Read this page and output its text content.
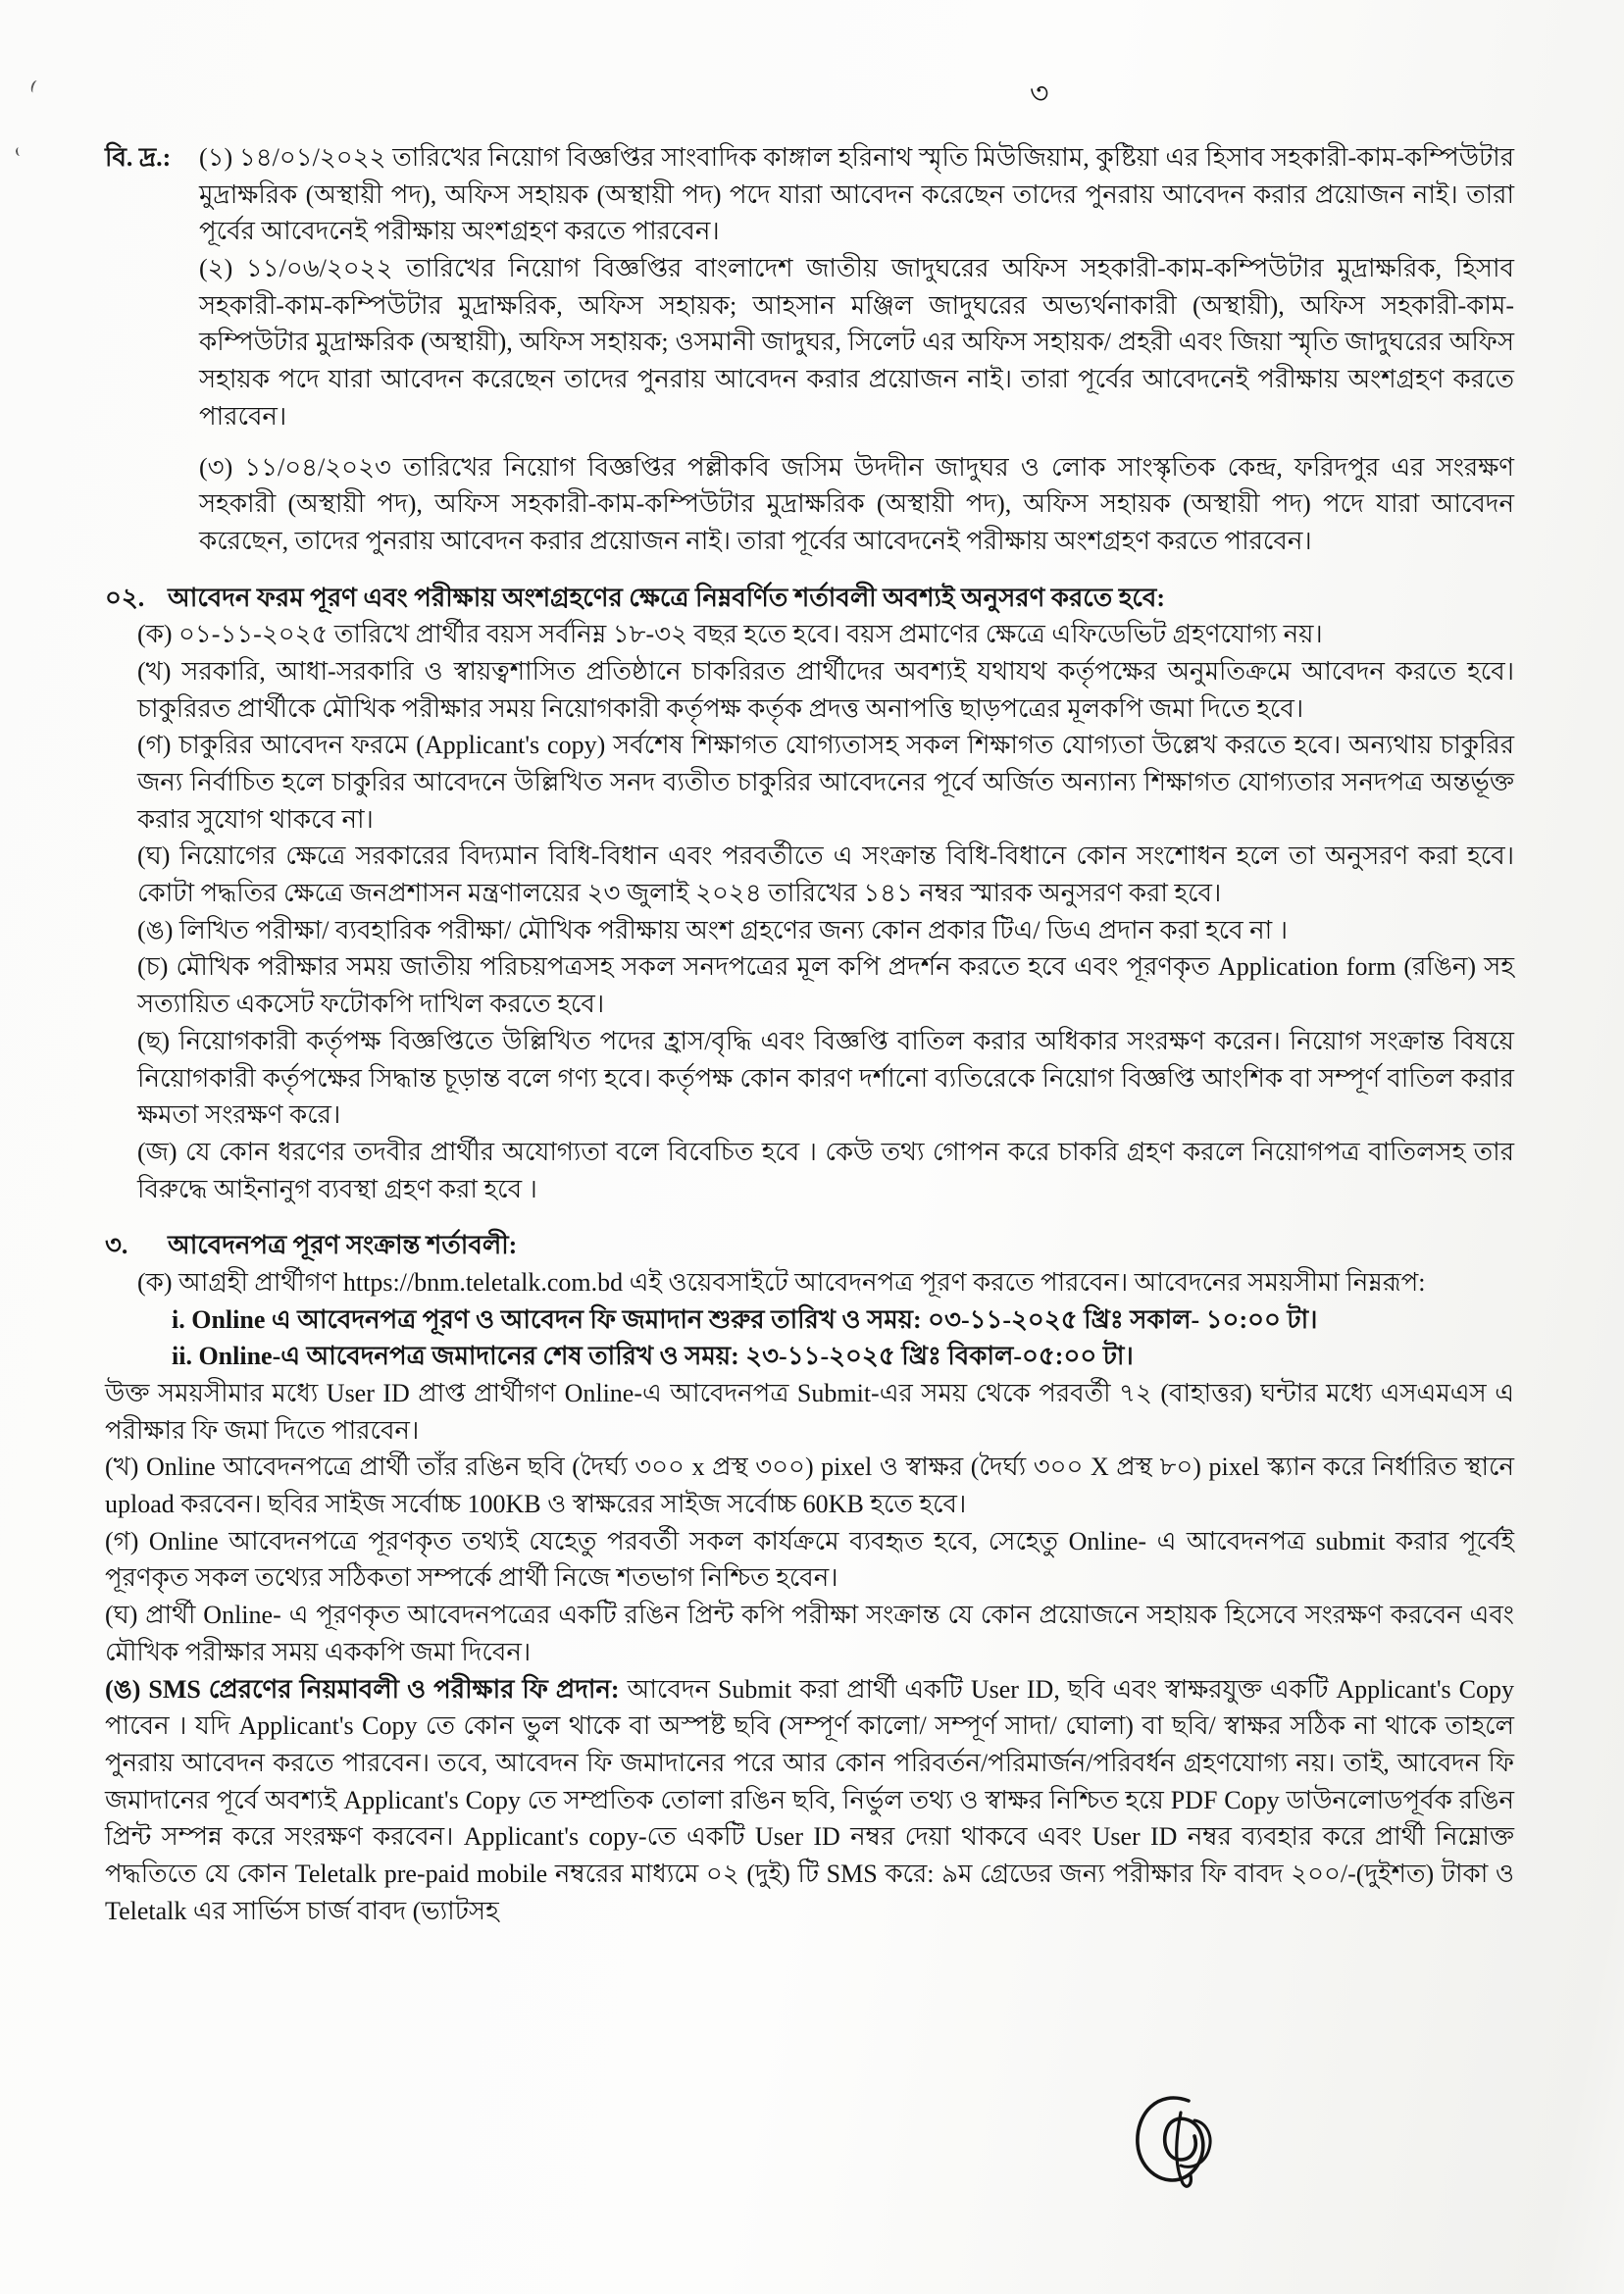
৩
বি. দ্র.:	(১) ১৪/০১/২০২২ তারিখের নিয়োগ বিজ্ঞপ্তির সাংবাদিক কাঙ্গাল হরিনাথ স্মৃতি মিউজিয়াম, কুষ্টিয়া এর হিসাব সহকারী-কাম-কম্পিউটার মুদ্রাক্ষরিক (অস্থায়ী পদ), অফিস সহায়ক (অস্থায়ী পদ) পদে যারা আবেদন করেছেন তাদের পুনরায় আবেদন করার প্রয়োজন নাই। তারা পূর্বের আবেদনেই পরীক্ষায় অংশগ্রহণ করতে পারবেন।

(২) ১১/০৬/২০২২ তারিখের নিয়োগ বিজ্ঞপ্তির বাংলাদেশ জাতীয় জাদুঘরের অফিস সহকারী-কাম-কম্পিউটার মুদ্রাক্ষরিক, হিসাব সহকারী-কাম-কম্পিউটার মুদ্রাক্ষরিক, অফিস সহায়ক; আহসান মঞ্জিল জাদুঘরের অভ্যর্থনাকারী (অস্থায়ী), অফিস সহকারী-কাম-কম্পিউটার মুদ্রাক্ষরিক (অস্থায়ী), অফিস সহায়ক; ওসমানী জাদুঘর, সিলেট এর অফিস সহায়ক/ প্রহরী এবং জিয়া স্মৃতি জাদুঘরের অফিস সহায়ক পদে যারা আবেদন করেছেন তাদের পুনরায় আবেদন করার প্রয়োজন নাই। তারা পূর্বের আবেদনেই পরীক্ষায় অংশগ্রহণ করতে পারবেন।

(৩) ১১/০৪/২০২৩ তারিখের নিয়োগ বিজ্ঞপ্তির পল্লীকবি জসিম উদদীন জাদুঘর ও লোক সাংস্কৃতিক কেন্দ্র, ফরিদপুর এর সংরক্ষণ সহকারী (অস্থায়ী পদ), অফিস সহকারী-কাম-কম্পিউটার মুদ্রাক্ষরিক (অস্থায়ী পদ), অফিস সহায়ক (অস্থায়ী পদ) পদে যারা আবেদন করেছেন, তাদের পুনরায় আবেদন করার প্রয়োজন নাই। তারা পূর্বের আবেদনেই পরীক্ষায় অংশগ্রহণ করতে পারবেন।

০২. আবেদন ফরম পূরণ এবং পরীক্ষায় অংশগ্রহণের ক্ষেত্রে নিম্নবর্ণিত শর্তাবলী অবশ্যই অনুসরণ করতে হবে:

(ক) ০১-১১-২০২৫ তারিখে প্রার্থীর বয়স সর্বনিম্ন ১৮-৩২ বছর হতে হবে। বয়স প্রমাণের ক্ষেত্রে এফিডেভিট গ্রহণযোগ্য নয়।

(খ) সরকারি, আধা-সরকারি ও স্বায়ত্বশাসিত প্রতিষ্ঠানে চাকরিরত প্রার্থীদের অবশ্যই যথাযথ কর্তৃপক্ষের অনুমতিক্রমে আবেদন করতে হবে। চাকুরিরত প্রার্থীকে মৌখিক পরীক্ষার সময় নিয়োগকারী কর্তৃপক্ষ কর্তৃক প্রদত্ত অনাপত্তি ছাড়পত্রের মূলকপি জমা দিতে হবে।

(গ) চাকুরির আবেদন ফরমে (Applicant's copy) সর্বশেষ শিক্ষাগত যোগ্যতাসহ সকল শিক্ষাগত যোগ্যতা উল্লেখ করতে হবে। অন্যথায় চাকুরির জন্য নির্বাচিত হলে চাকুরির আবেদনে উল্লিখিত সনদ ব্যতীত চাকুরির আবেদনের পূর্বে অর্জিত অন্যান্য শিক্ষাগত যোগ্যতার সনদপত্র অন্তর্ভূক্ত করার সুযোগ থাকবে না।

(ঘ) নিয়োগের ক্ষেত্রে সরকারের বিদ্যমান বিধি-বিধান এবং পরবর্তীতে এ সংক্রান্ত বিধি-বিধানে কোন সংশোধন হলে তা অনুসরণ করা হবে। কোটা পদ্ধতির ক্ষেত্রে জনপ্রশাসন মন্ত্রণালয়ের ২৩ জুলাই ২০২৪ তারিখের ১৪১ নম্বর স্মারক অনুসরণ করা হবে।

(ঙ) লিখিত পরীক্ষা/ ব্যবহারিক পরীক্ষা/ মৌখিক পরীক্ষায় অংশ গ্রহণের জন্য কোন প্রকার টিএ/ ডিএ প্রদান করা হবে না ।

(চ) মৌখিক পরীক্ষার সময় জাতীয় পরিচয়পত্রসহ সকল সনদপত্রের মূল কপি প্রদর্শন করতে হবে এবং পূরণকৃত Application form (রঙিন) সহ সত্যায়িত একসেট ফটোকপি দাখিল করতে হবে।

(ছ) নিয়োগকারী কর্তৃপক্ষ বিজ্ঞপ্তিতে উল্লিখিত পদের হ্রাস/বৃদ্ধি এবং বিজ্ঞপ্তি বাতিল করার অধিকার সংরক্ষণ করেন। নিয়োগ সংক্রান্ত বিষয়ে নিয়োগকারী কর্তৃপক্ষের সিদ্ধান্ত চূড়ান্ত বলে গণ্য হবে। কর্তৃপক্ষ কোন কারণ দর্শানো ব্যতিরেকে নিয়োগ বিজ্ঞপ্তি আংশিক বা সম্পূর্ণ বাতিল করার ক্ষমতা সংরক্ষণ করে।

(জ) যে কোন ধরণের তদবীর প্রার্থীর অযোগ্যতা বলে বিবেচিত হবে । কেউ তথ্য গোপন করে চাকরি গ্রহণ করলে নিয়োগপত্র বাতিলসহ তার বিরুদ্ধে আইনানুগ ব্যবস্থা গ্রহণ করা হবে ।

৩.	আবেদনপত্র পূরণ সংক্রান্ত শর্তাবলী:

(ক) আগ্রহী প্রার্থীগণ https://bnm.teletalk.com.bd এই ওয়েবসাইটে আবেদনপত্র পূরণ করতে পারবেন। আবেদনের সময়সীমা নিম্নরূপ:

i. Online এ আবেদনপত্র পূরণ ও আবেদন ফি জমাদান শুরুর তারিখ ও সময়: ০৩-১১-২০২৫ খ্রিঃ সকাল- ১০:০০ টা।

ii. Online-এ আবেদনপত্র জমাদানের শেষ তারিখ ও সময়: ২৩-১১-২০২৫ খ্রিঃ বিকাল-০৫:০০ টা।

উক্ত সময়সীমার মধ্যে User ID প্রাপ্ত প্রার্থীগণ Online-এ আবেদনপত্র Submit-এর সময় থেকে পরবর্তী ৭২ (বাহাত্তর) ঘন্টার মধ্যে এসএমএস এ পরীক্ষার ফি জমা দিতে পারবেন।

(খ) Online আবেদনপত্রে প্রার্থী তাঁর রঙিন ছবি (দৈর্ঘ্য ৩০০ x প্রস্থ ৩০০) pixel ও স্বাক্ষর (দৈর্ঘ্য ৩০০ X প্রস্থ ৮০) pixel স্ক্যান করে নির্ধারিত স্থানে upload করবেন। ছবির সাইজ সর্বোচ্চ 100KB ও স্বাক্ষরের সাইজ সর্বোচ্চ 60KB হতে হবে।

(গ) Online আবেদনপত্রে পূরণকৃত তথ্যই যেহেতু পরবর্তী সকল কার্যক্রমে ব্যবহৃত হবে, সেহেতু Online- এ আবেদনপত্র submit করার পূর্বেই পূরণকৃত সকল তথ্যের সঠিকতা সম্পর্কে প্রার্থী নিজে শতভাগ নিশ্চিত হবেন।

(ঘ) প্রার্থী Online- এ পূরণকৃত আবেদনপত্রের একটি রঙিন প্রিন্ট কপি পরীক্ষা সংক্রান্ত যে কোন প্রয়োজনে সহায়ক হিসেবে সংরক্ষণ করবেন এবং মৌখিক পরীক্ষার সময় এককপি জমা দিবেন।

(ঙ) SMS প্রেরণের নিয়মাবলী ও পরীক্ষার ফি প্রদান: আবেদন Submit করা প্রার্থী একটি User ID, ছবি এবং স্বাক্ষরযুক্ত একটি Applicant's Copy পাবেন । যদি Applicant's Copy তে কোন ভুল থাকে বা অস্পষ্ট ছবি (সম্পূর্ণ কালো/ সম্পূর্ণ সাদা/ ঘোলা) বা ছবি/ স্বাক্ষর সঠিক না থাকে তাহলে পুনরায় আবেদন করতে পারবেন। তবে, আবেদন ফি জমাদানের পরে আর কোন পরিবর্তন/পরিমার্জন/পরিবর্ধন গ্রহণযোগ্য নয়। তাই, আবেদন ফি জমাদানের পূর্বে অবশ্যই Applicant's Copy তে সম্প্রতিক তোলা রঙিন ছবি, নির্ভুল তথ্য ও স্বাক্ষর নিশ্চিত হয়ে PDF Copy ডাউনলোডপূর্বক রঙিন প্রিন্ট সম্পন্ন করে সংরক্ষণ করবেন। Applicant's copy-তে একটি User ID নম্বর দেয়া থাকবে এবং User ID নম্বর ব্যবহার করে প্রার্থী নিম্নোক্ত পদ্ধতিতে যে কোন Teletalk pre-paid mobile নম্বরের মাধ্যমে ০২ (দুই) টি SMS করে: ৯ম গ্রেডের জন্য পরীক্ষার ফি বাবদ ২০০/-(দুইশত) টাকা ও Teletalk এর সার্ভিস চার্জ বাবদ (ভ্যাটসহ
